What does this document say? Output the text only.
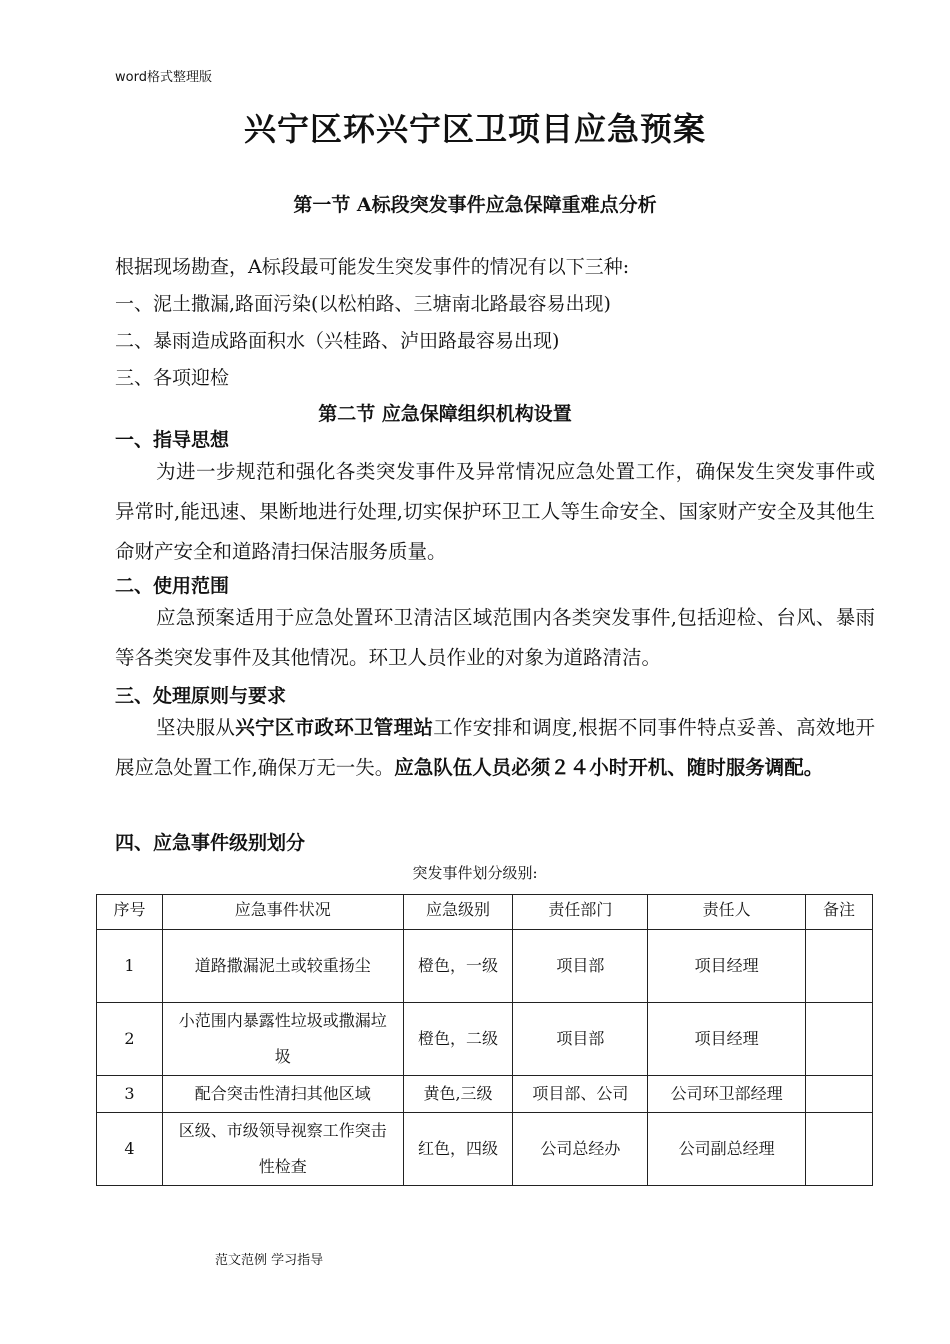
word格式整理版
兴宁区环兴宁区卫项目应急预案
第一节 A标段突发事件应急保障重难点分析
根据现场勘查，A标段最可能发生突发事件的情况有以下三种:
一、泥土撒漏,路面污染(以松柏路、三塘南北路最容易出现)
二、暴雨造成路面积水（兴桂路、泸田路最容易出现)
三、各项迎检
第二节 应急保障组织机构设置
一、指导思想

为进一步规范和强化各类突发事件及异常情况应急处置工作，确保发生突发事件或异常时,能迅速、果断地进行处理,切实保护环卫工人等生命安全、国家财产安全及其他生命财产安全和道路清扫保洁服务质量。

二、使用范围

应急预案适用于应急处置环卫清洁区域范围内各类突发事件,包括迎检、台风、暴雨等各类突发事件及其他情况。环卫人员作业的对象为道路清洁。

三、处理原则与要求

坚决服从兴宁区市政环卫管理站工作安排和调度,根据不同事件特点妥善、高效地开展应急处置工作,确保万无一失。应急队伍人员必须２４小时开机、随时服务调配。

四、应急事件级别划分
突发事件划分级别:
序号	应急事件状况	应急级别	责任部门	责任人	备注
1	道路撒漏泥土或较重扬尘	橙色，一级	项目部	项目经理	
2	小范围内暴露性垃圾或撒漏垃圾	橙色，二级	项目部	项目经理	
3	配合突击性清扫其他区域	黄色,三级	项目部、公司	公司环卫部经理	
4	区级、市级领导视察工作突击性检查	红色，四级	公司总经办	公司副总经理	
范文范例 学习指导
